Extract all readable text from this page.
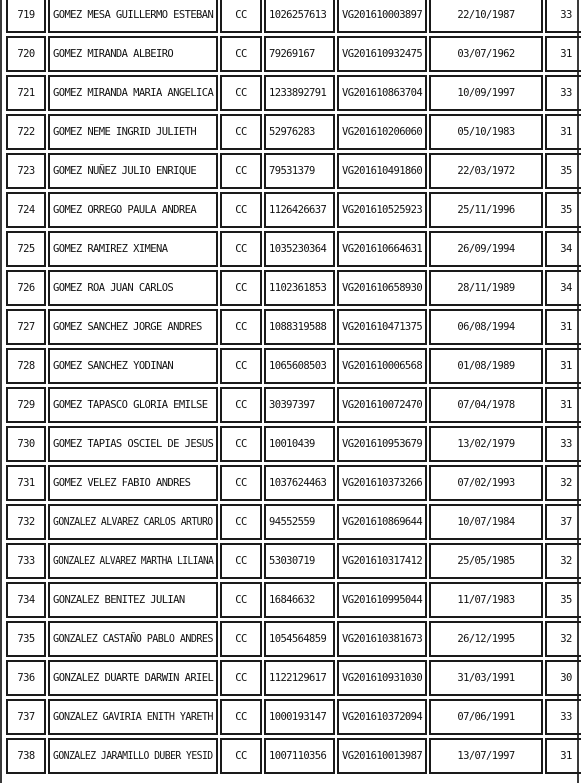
719	GOMEZ MESA GUILLERMO ESTEBAN	CC	1026257613	VG201610003897	22/10/1987	33
720	GOMEZ MIRANDA ALBEIRO	CC	79269167	VG201610932475	03/07/1962	31
721	GOMEZ MIRANDA MARIA ANGELICA	CC	1233892791	VG201610863704	10/09/1997	33
722	GOMEZ NEME INGRID JULIETH	CC	52976283	VG201610206060	05/10/1983	31
723	GOMEZ NUÑEZ JULIO ENRIQUE	CC	79531379	VG201610491860	22/03/1972	35
724	GOMEZ ORREGO PAULA ANDREA	CC	1126426637	VG201610525923	25/11/1996	35
725	GOMEZ RAMIREZ XIMENA	CC	1035230364	VG201610664631	26/09/1994	34
726	GOMEZ ROA JUAN CARLOS	CC	1102361853	VG201610658930	28/11/1989	34
727	GOMEZ SANCHEZ JORGE ANDRES	CC	1088319588	VG201610471375	06/08/1994	31
728	GOMEZ SANCHEZ YODINAN	CC	1065608503	VG201610006568	01/08/1989	31
729	GOMEZ TAPASCO GLORIA EMILSE	CC	30397397	VG201610072470	07/04/1978	31
730	GOMEZ TAPIAS OSCIEL DE JESUS	CC	10010439	VG201610953679	13/02/1979	33
731	GOMEZ VELEZ FABIO ANDRES	CC	1037624463	VG201610373266	07/02/1993	32
732	GONZALEZ ALVAREZ CARLOS ARTURO	CC	94552559	VG201610869644	10/07/1984	37
733	GONZALEZ ALVAREZ MARTHA LILIANA	CC	53030719	VG201610317412	25/05/1985	32
734	GONZALEZ BENITEZ JULIAN	CC	16846632	VG201610995044	11/07/1983	35
735	GONZALEZ CASTAÑO PABLO ANDRES	CC	1054564859	VG201610381673	26/12/1995	32
736	GONZALEZ DUARTE DARWIN ARIEL	CC	1122129617	VG201610931030	31/03/1991	30
737	GONZALEZ GAVIRIA ENITH YARETH	CC	1000193147	VG201610372094	07/06/1991	33
738	GONZALEZ JARAMILLO DUBER YESID	CC	1007110356	VG201610013987	13/07/1997	31
